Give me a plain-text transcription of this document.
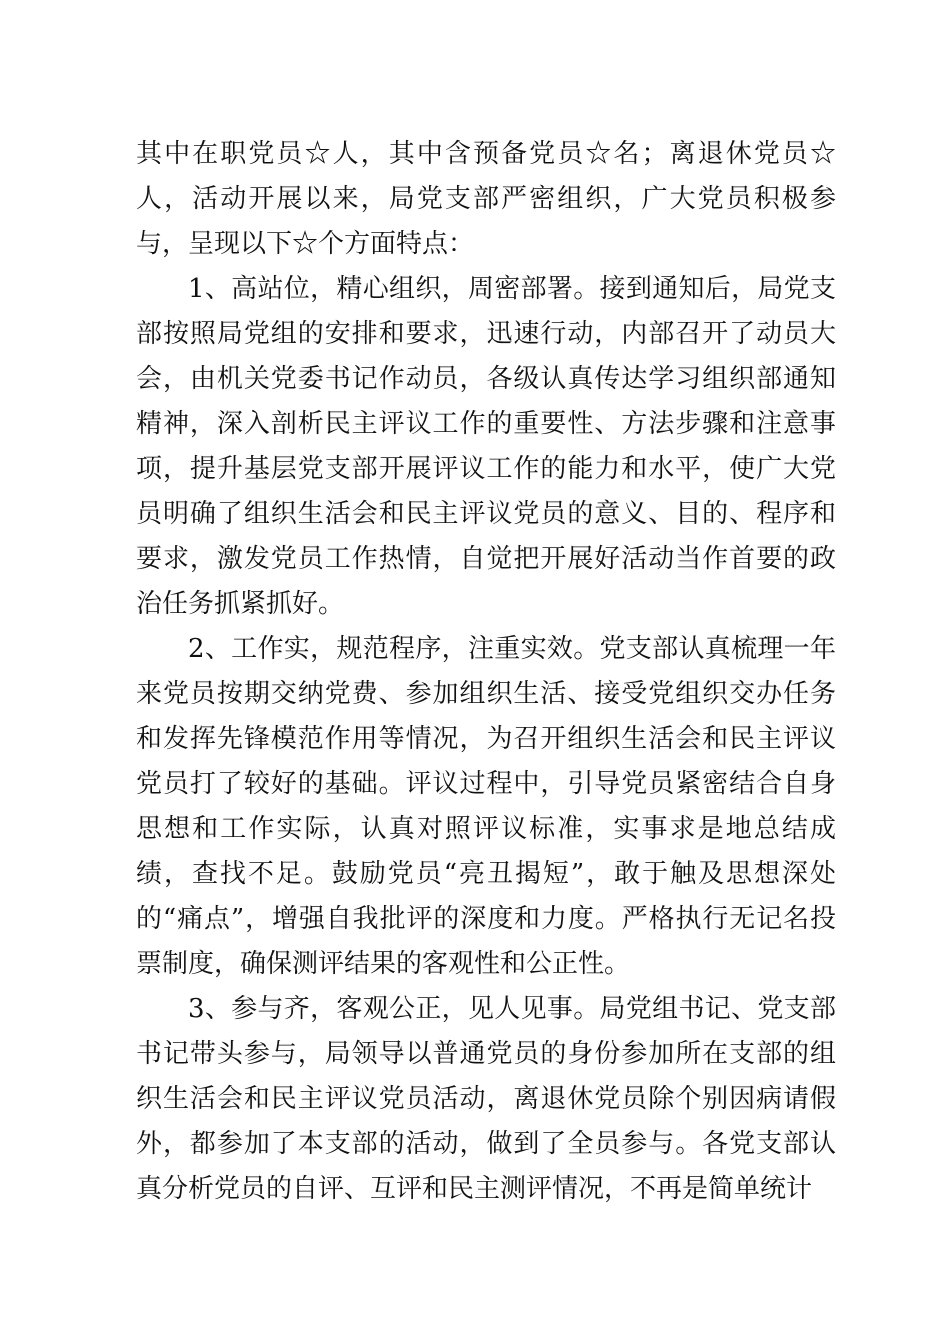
其中在职党员☆人，其中含预备党员☆名；离退休党员☆人，活动开展以来，局党支部严密组织，广大党员积极参与，呈现以下☆个方面特点：

1、高站位，精心组织，周密部署。接到通知后，局党支部按照局党组的安排和要求，迅速行动，内部召开了动员大会，由机关党委书记作动员，各级认真传达学习组织部通知精神，深入剖析民主评议工作的重要性、方法步骤和注意事项，提升基层党支部开展评议工作的能力和水平，使广大党员明确了组织生活会和民主评议党员的意义、目的、程序和要求，激发党员工作热情，自觉把开展好活动当作首要的政治任务抓紧抓好。

2、工作实，规范程序，注重实效。党支部认真梳理一年来党员按期交纳党费、参加组织生活、接受党组织交办任务和发挥先锋模范作用等情况，为召开组织生活会和民主评议党员打了较好的基础。评议过程中，引导党员紧密结合自身思想和工作实际，认真对照评议标准，实事求是地总结成绩，查找不足。鼓励党员“亮丑揭短”，敢于触及思想深处的“痛点”，增强自我批评的深度和力度。严格执行无记名投票制度，确保测评结果的客观性和公正性。

3、参与齐，客观公正，见人见事。局党组书记、党支部书记带头参与，局领导以普通党员的身份参加所在支部的组织生活会和民主评议党员活动，离退休党员除个别因病请假外，都参加了本支部的活动，做到了全员参与。各党支部认真分析党员的自评、互评和民主测评情况，不再是简单统计
